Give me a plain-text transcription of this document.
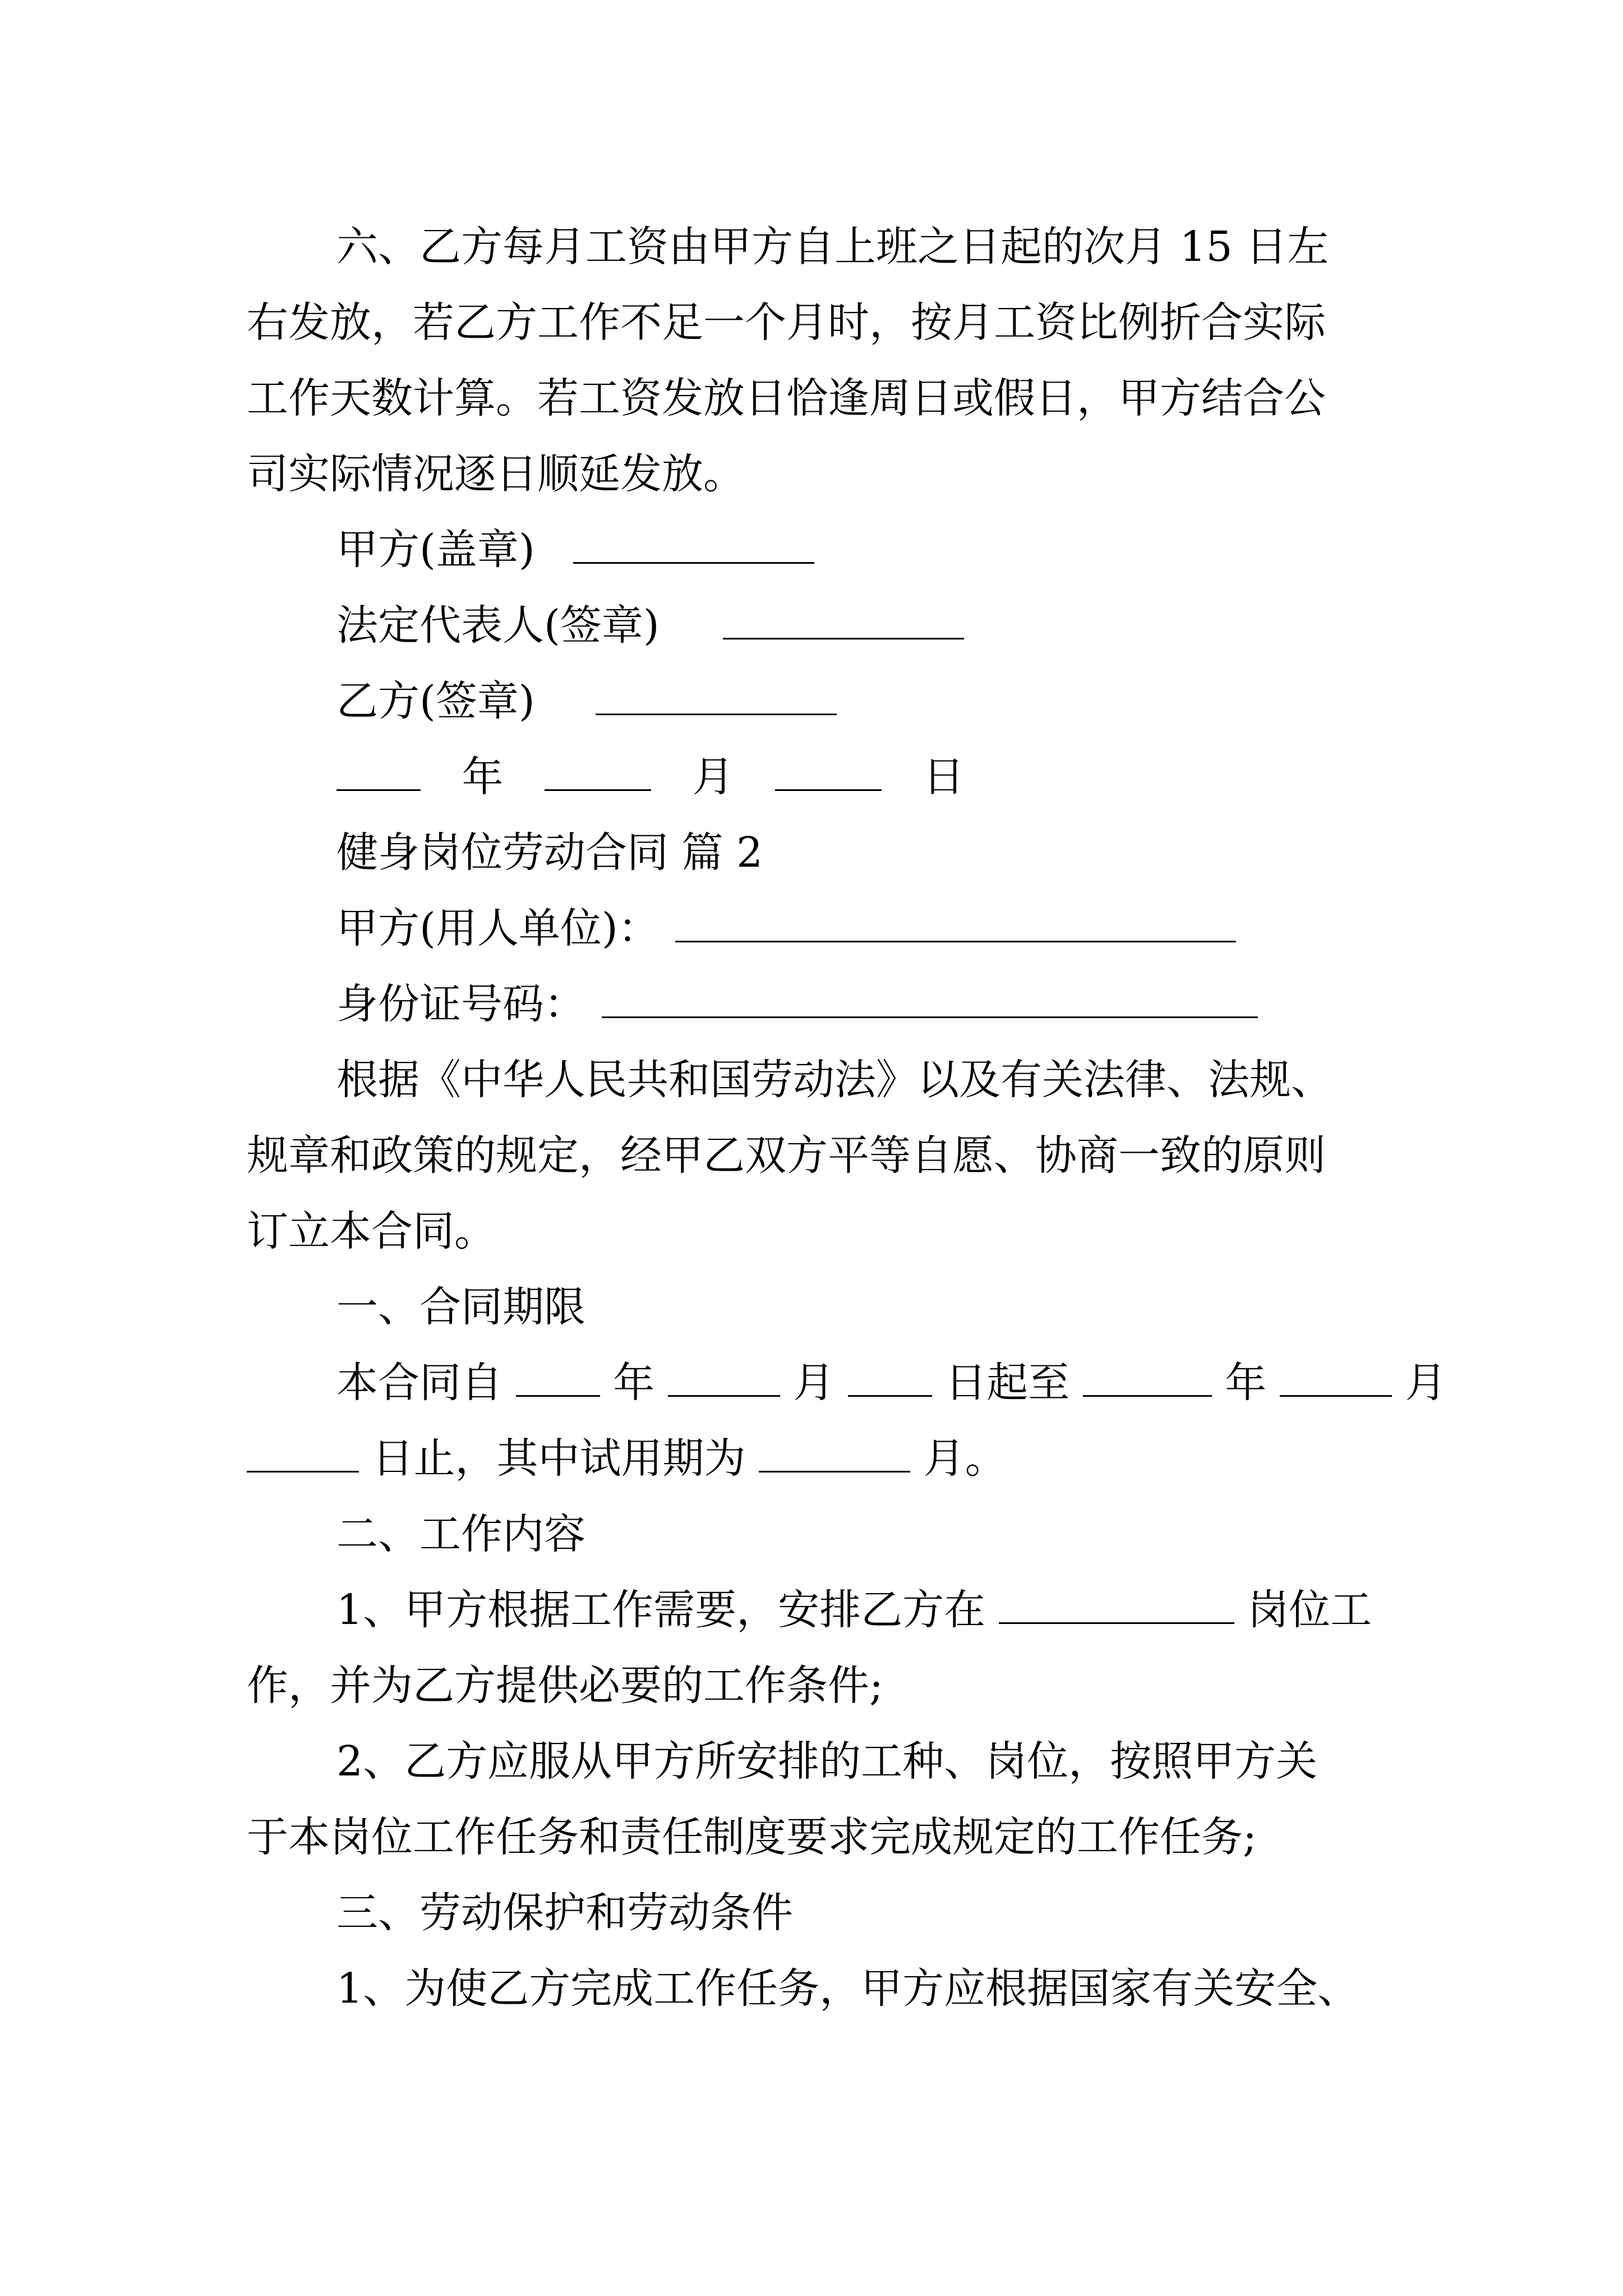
六、乙方每月工资由甲方自上班之日起的次月 15 日左
右发放，若乙方工作不足一个月时，按月工资比例折合实际
工作天数计算。若工资发放日恰逢周日或假日，甲方结合公
司实际情况逐日顺延发放。
甲方(盖章)
法定代表人(签章)
乙方(签章)
年	月	日
健身岗位劳动合同 篇 2
甲方(用人单位)：
身份证号码：
根据《中华人民共和国劳动法》以及有关法律、法规、
规章和政策的规定，经甲乙双方平等自愿、协商一致的原则
订立本合同。
一、合同期限
本合同自	年	月	日起至	年	月
日止，其中试用期为	月。
二、工作内容
1、甲方根据工作需要，安排乙方在	岗位工
作，并为乙方提供必要的工作条件;
2、乙方应服从甲方所安排的工种、岗位，按照甲方关
于本岗位工作任务和责任制度要求完成规定的工作任务;
三、劳动保护和劳动条件
1、为使乙方完成工作任务，甲方应根据国家有关安全、
